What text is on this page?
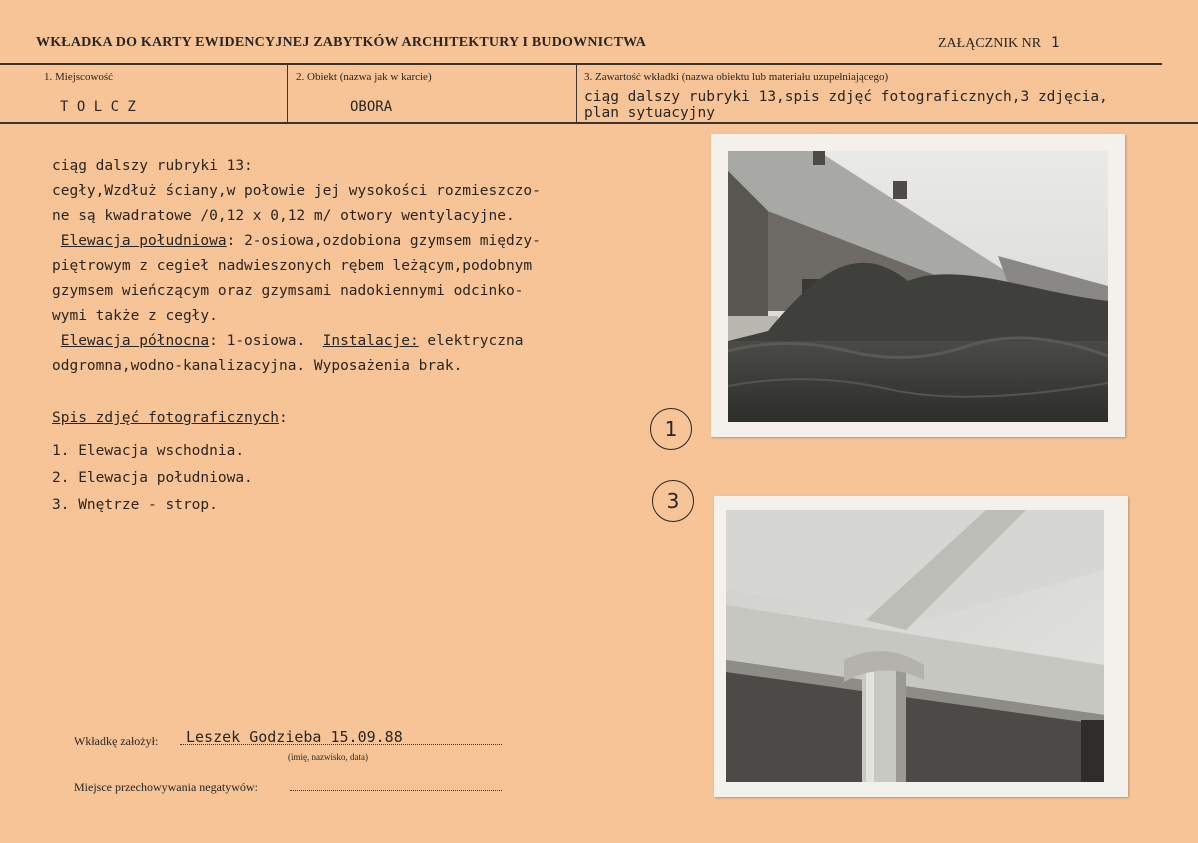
WKŁADKA DO KARTY EWIDENCYJNEJ ZABYTKÓW ARCHITEKTURY I BUDOWNICTWA	ZAŁĄCZNIK NR 1
1. Miejscowość
T O L C Z
2. Obiekt (nazwa jak w karcie)
OBORA
3. Zawartość wkładki (nazwa obiektu lub materiału uzupełniającego)
ciąg dalszy rubryki 13,spis zdjęć fotograficznych,3 zdjęcia,
plan sytuacyjny
ciąg dalszy rubryki 13:
cegły,Wzdłuż ściany,w połowie jej wysokości rozmieszczo-
ne są kwadratowe /0,12 x 0,12 m/ otwory wentylacyjne.
Elewacja południowa: 2-osiowa,ozdobiona gzymsem między-
piętrowym z cegieł nadwieszonych rębem leżącym,podobnym
gzymsem wieńczącym oraz gzymsami nadokiennymi odcinko-
wymi także z cegły.
Elewacja północna: 1-osiowa.  Instalacje: elektryczna
odgromna,wodno-kanalizacyjna. Wyposażenia brak.
Spis zdjęć fotograficznych:
1. Elewacja wschodnia.
2. Elewacja południowa.
3. Wnętrze - strop.
1
3
Wkładkę założył: Leszek Godzieba 15.09.88
(imię, nazwisko, data)
Miejsce przechowywania negatywów:
